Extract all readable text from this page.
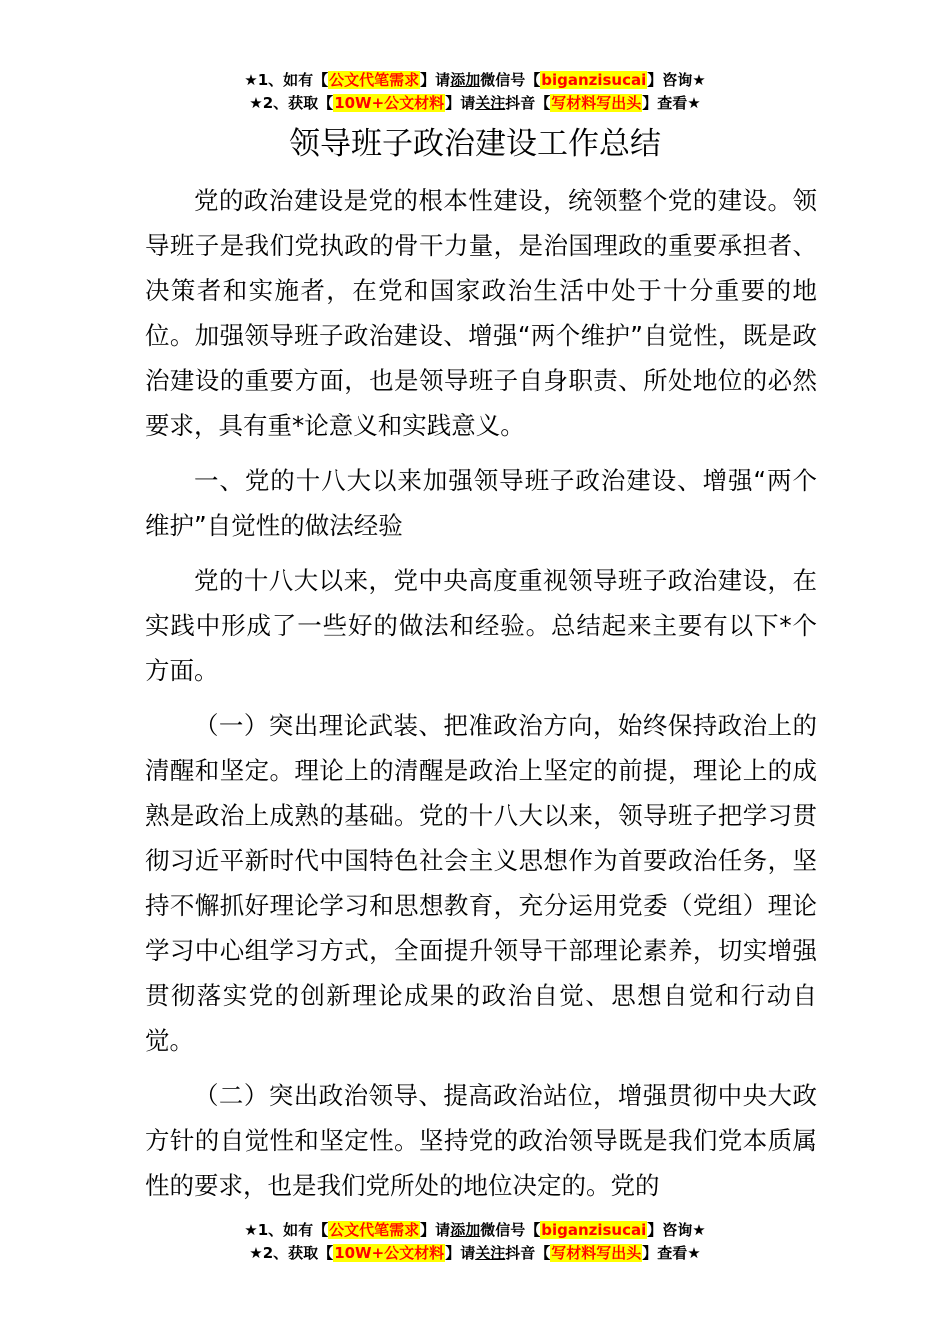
★1、如有【公文代笔需求】请添加微信号【biganzisucai】咨询★
★2、获取【10W+公文材料】请关注抖音【写材料写出头】查看★
领导班子政治建设工作总结

党的政治建设是党的根本性建设，统领整个党的建设。领导班子是我们党执政的骨干力量，是治国理政的重要承担者、决策者和实施者，在党和国家政治生活中处于十分重要的地位。加强领导班子政治建设、增强“两个维护”自觉性，既是政治建设的重要方面，也是领导班子自身职责、所处地位的必然要求，具有重*论意义和实践意义。

一、党的十八大以来加强领导班子政治建设、增强“两个维护”自觉性的做法经验

党的十八大以来，党中央高度重视领导班子政治建设，在实践中形成了一些好的做法和经验。总结起来主要有以下*个方面。

（一）突出理论武装、把准政治方向，始终保持政治上的清醒和坚定。理论上的清醒是政治上坚定的前提，理论上的成熟是政治上成熟的基础。党的十八大以来，领导班子把学习贯彻习近平新时代中国特色社会主义思想作为首要政治任务，坚持不懈抓好理论学习和思想教育，充分运用党委（党组）理论学习中心组学习方式，全面提升领导干部理论素养，切实增强贯彻落实党的创新理论成果的政治自觉、思想自觉和行动自觉。

（二）突出政治领导、提高政治站位，增强贯彻中央大政方针的自觉性和坚定性。坚持党的政治领导既是我们党本质属性的要求，也是我们党所处的地位决定的。党的

★1、如有【公文代笔需求】请添加微信号【biganzisucai】咨询★
★2、获取【10W+公文材料】请关注抖音【写材料写出头】查看★
